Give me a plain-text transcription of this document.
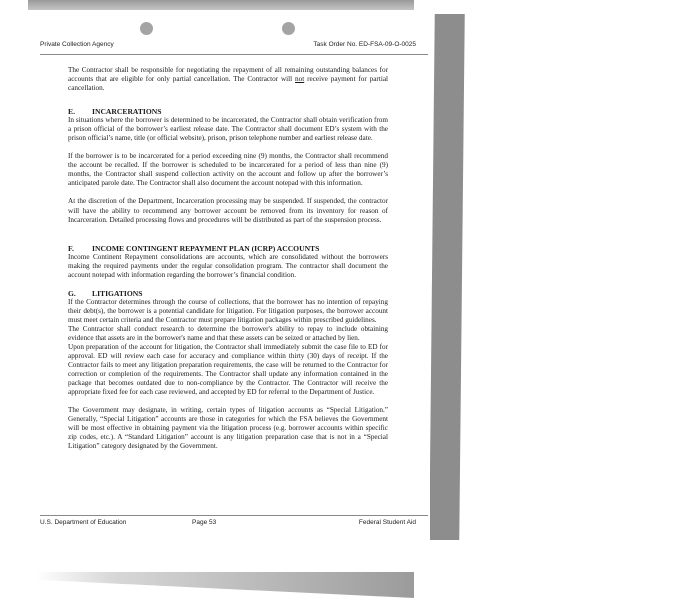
Private Collection Agency	Task Order No. ED-FSA-09-O-0025

The Contractor shall be responsible for negotiating the repayment of all remaining outstanding balances for accounts that are eligible for only partial cancellation. The Contractor will not receive payment for partial cancellation.

E. INCARCERATIONS

In situations where the borrower is determined to be incarcerated, the Contractor shall obtain verification from a prison official of the borrower’s earliest release date. The Contractor shall document ED’s system with the prison official’s name, title (or official website), prison, prison telephone number and earliest release date.

If the borrower is to be incarcerated for a period exceeding nine (9) months, the Contractor shall recommend the account be recalled. If the borrower is scheduled to be incarcerated for a period of less than nine (9) months, the Contractor shall suspend collection activity on the account and follow up after the borrower’s anticipated parole date. The Contractor shall also document the account notepad with this information.

At the discretion of the Department, Incarceration processing may be suspended. If suspended, the contractor will have the ability to recommend any borrower account be removed from its inventory for reason of Incarceration. Detailed processing flows and procedures will be distributed as part of the suspension process.

F. INCOME CONTINGENT REPAYMENT PLAN (ICRP) ACCOUNTS

Income Continent Repayment consolidations are accounts, which are consolidated without the borrowers making the required payments under the regular consolidation program. The contractor shall document the account notepad with information regarding the borrower’s financial condition.

G. LITIGATIONS

If the Contractor determines through the course of collections, that the borrower has no intention of repaying their debt(s), the borrower is a potential candidate for litigation. For litigation purposes, the borrower account must meet certain criteria and the Contractor must prepare litigation packages within prescribed guidelines.

The Contractor shall conduct research to determine the borrower's ability to repay to include obtaining evidence that assets are in the borrower's name and that these assets can be seized or attached by lien.

Upon preparation of the account for litigation, the Contractor shall immediately submit the case file to ED for approval. ED will review each case for accuracy and compliance within thirty (30) days of receipt. If the Contractor fails to meet any litigation preparation requirements, the case will be returned to the Contractor for correction or completion of the requirements. The Contractor shall update any information contained in the package that becomes outdated due to non-compliance by the Contractor. The Contractor will receive the appropriate fixed fee for each case reviewed, and accepted by ED for referral to the Department of Justice.

The Government may designate, in writing, certain types of litigation accounts as “Special Litigation.” Generally, “Special Litigation” accounts are those in categories for which the FSA believes the Government will be most effective in obtaining payment via the litigation process (e.g. borrower accounts within specific zip codes, etc.). A “Standard Litigation” account is any litigation preparation case that is not in a “Special Litigation” category designated by the Government.

U.S. Department of Education	Page 53	Federal Student Aid
